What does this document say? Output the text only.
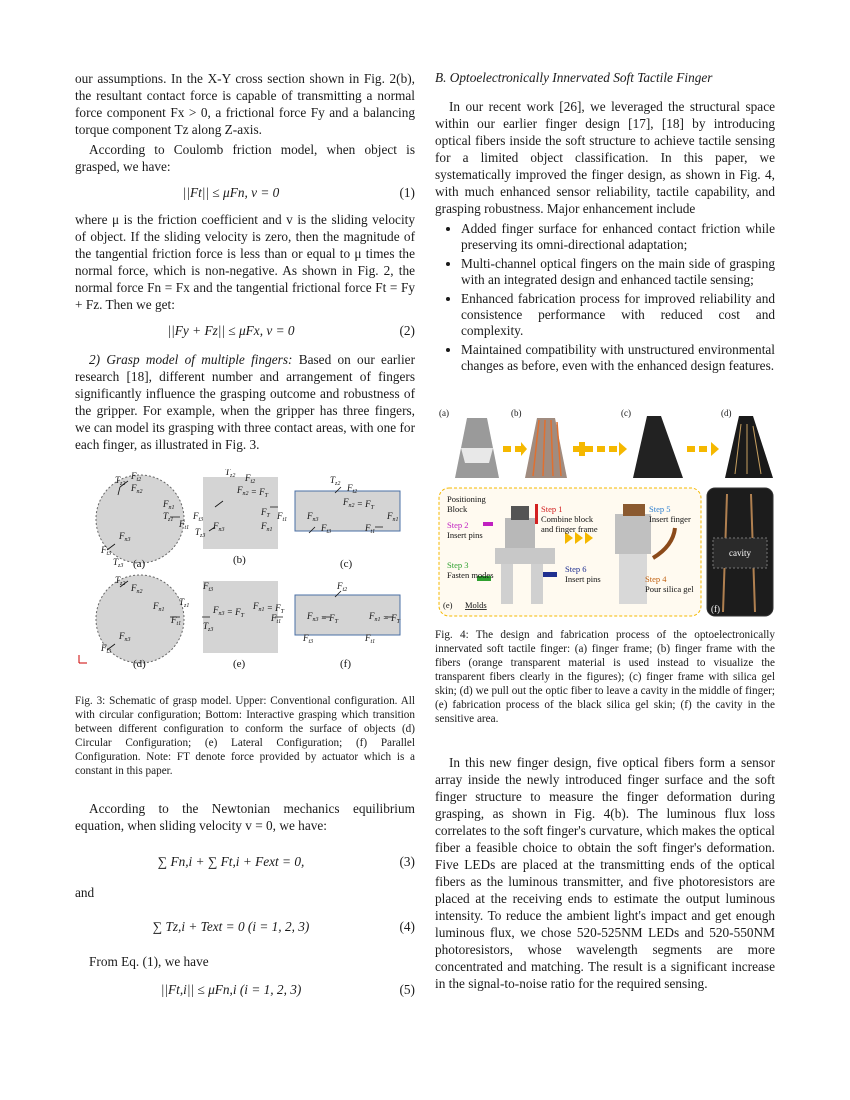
our assumptions. In the X-Y cross section shown in Fig. 2(b), the resultant contact force is capable of transmitting a normal force component Fx > 0, a frictional force Fy and a balancing torque component Tz along Z-axis.

According to Coulomb friction model, when object is grasped, we have:

||Ft|| ≤ μFn, v = 0	(1)

where μ is the friction coefficient and v is the sliding velocity of object. If the sliding velocity is zero, then the magnitude of the tangential friction force is less than or equal to μ times the normal force, which is non-negative. As shown in Fig. 2, the normal force Fn = Fx and the tangential frictional force Ft = Fy + Fz. Then we get:

||Fy + Fz|| ≤ μFx, v = 0	(2)

2) Grasp model of multiple fingers: Based on our earlier research [18], different number and arrangement of fingers significantly influence the grasping outcome and robustness of the gripper. For example, when the gripper has three fingers, we can model its grasping with three contact areas, with one for each finger, as illustrated in Fig. 3.

$T_{z2}$
$F_{t2}$
$F_{n2}$
$F_{n1}$
$T_{z1}$ $F_{t1}$
$F_{n3}$
$F_{t3}$
$T_{z3}$
$T_{z2}$ $F_{t2}$
$F_{n2} = F_T$
$F_T$
$F_{t3}$
$F_{n3}$
$T_{z3}$
$F_{n1}$
$F_{t1}$
$T_{z2}$ $F_{t2}$
$F_{n2} = F_T$
$F_{n3}$
$F_{t3}$	$F_{t1}$
$F_{n1}$
$T_{z2}$ $F_{n2}$
$F_{n1}$
$T_{z1}$
$F_{t1}$
$F_{n3}$
$F_{t3}$
$F_{t3}$
$F_{n3} = F_T$
$T_{z3}$
$F_{n1} = F_T$
$F_{t1}$
$F_{t2}$
$F_{n3} = F_T$
$F_{n1} = F_T$
$F_{t3}$	$F_{t1}$
(a)	(b)	(c)
(d)	(e)	(f)

Fig. 3: Schematic of grasp model. Upper: Conventional configuration. All with circular configuration; Bottom: Interactive grasping which transition between different configuration to conform the surface of objects (d) Circular Configuration; (e) Lateral Configuration; (f) Parallel Configuration. Note: FT denote force provided by actuator which is a constant in this paper.

According to the Newtonian mechanics equilibrium equation, when sliding velocity v = 0, we have:

∑ Fn,i + ∑ Ft,i + Fext = 0,	(3)

and

∑ Tz,i + Text = 0 (i = 1, 2, 3)	(4)

From Eq. (1), we have

||Ft,i|| ≤ μFn,i (i = 1, 2, 3)	(5)
B. Optoelectronically Innervated Soft Tactile Finger

In our recent work [26], we leveraged the structural space within our earlier finger design [17], [18] by introducing optical fibers inside the soft structure to achieve tactile sensing for a limited object classification. In this paper, we systematically improved the finger design, as shown in Fig. 4, with much enhanced sensor reliability, tactile capability, and grasping robustness. Major enhancement include

• Added finger surface for enhanced contact friction while preserving its omni-directional adaptation;
• Multi-channel optical fingers on the main side of grasping with an integrated design and enhanced tactile sensing;
• Enhanced fabrication process for improved reliability and consistence performance with reduced cost and complexity.
• Maintained compatibility with unstructured environmental changes as before, even with the enhanced design features.
(a)	(b)	(c)	(d)
Positioning
Block
Step 2
Insert pins
Step 1
Combine block
and finger frame
Step 5
Insert finger
Step 3
Fasten modes
Step 6
Insert pins	Step 4
Pour silica gel
(e) Molds
cavity
(f)

Fig. 4: The design and fabrication process of the optoelectronically innervated soft tactile finger: (a) finger frame; (b) finger frame with the fibers (orange transparent material is used instead to visualize the transparent fibers clearly in the figures); (c) finger frame with silica gel skin; (d) we pull out the optic fiber to leave a cavity in the middle of finger; (e) fabrication process of the black silica gel skin; (f) the cavity in the sensitive area.

In this new finger design, five optical fibers form a sensor array inside the newly introduced finger surface and the soft finger structure to measure the finger deformation during grasping, as shown in Fig. 4(b). The luminous flux loss correlates to the soft finger's curvature, which makes the optical fiber a feasible choice to obtain the soft finger's deformation. Five LEDs are placed at the transmitting ends of the optical fibers as the luminous transmitter, and five photoresistors are placed at the receiving ends to estimate the output luminous intensity. To reduce the ambient light's impact and get enough luminous flux, we chose 520-525NM LEDs and 520-550NM photoresistors, whose wavelength segments are more concentrated and matching. The result is a significant increase in the signal-to-noise ratio for the required sensing.
